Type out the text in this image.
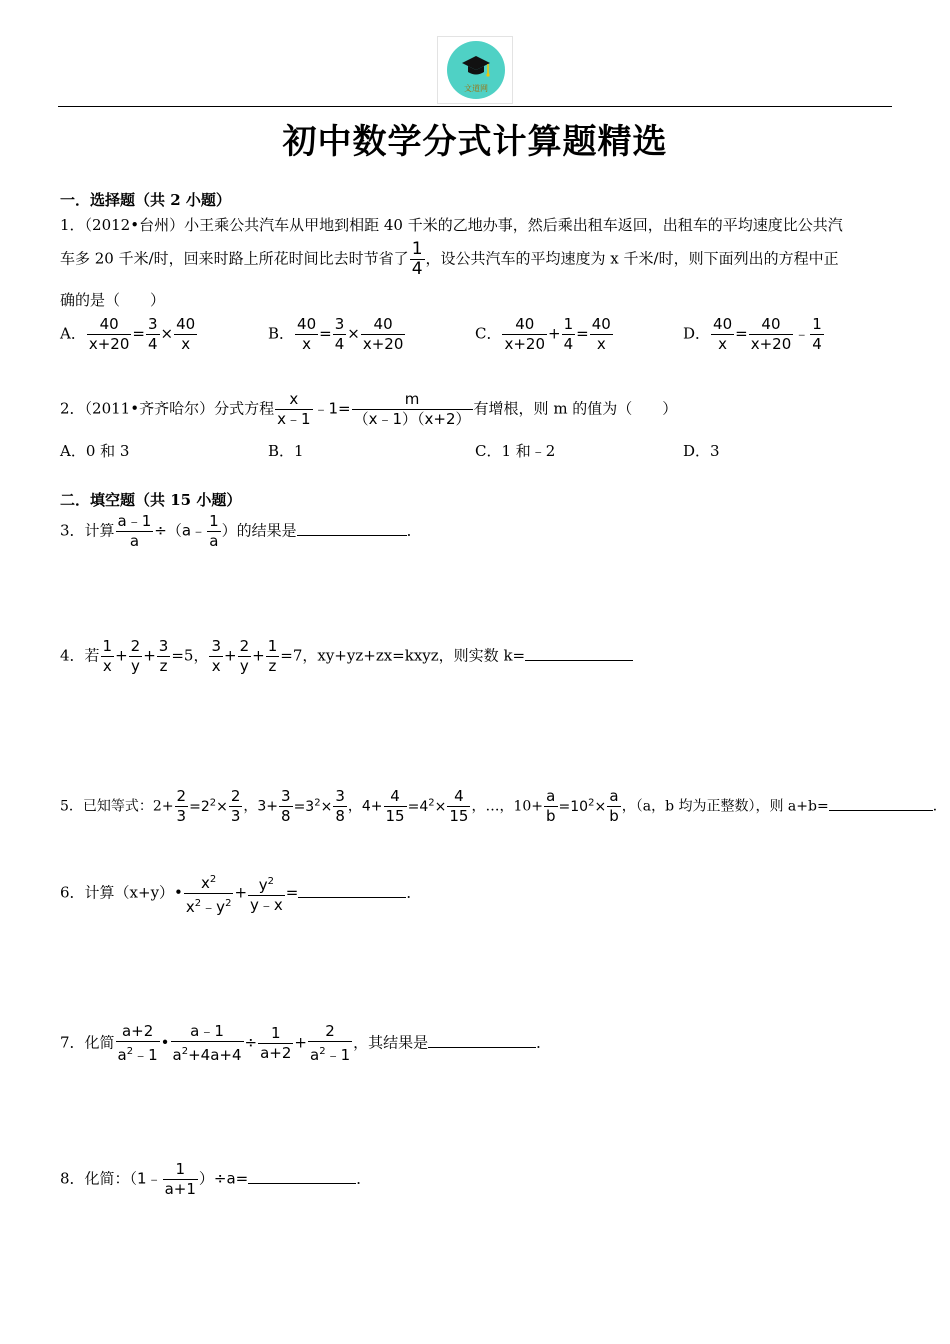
文道网
初中数学分式计算题精选
一．选择题（共 2 小题）
1．（2012•台州）小王乘公共汽车从甲地到相距 40 千米的乙地办事，然后乘出租车返回，出租车的平均速度比公共汽
车多 20 千米/时，回来时路上所花时间比去时节省了 $\frac{1}{4}$ ，设公共汽车的平均速度为 x 千米/时，则下面列出的方程中正
确的是（　　）
A． $\frac{40}{x+20} = \frac{3}{4} \times \frac{40}{x}$	B． $\frac{40}{x} = \frac{3}{4} \times \frac{40}{x+20}$	C． $\frac{40}{x+20} + \frac{1}{4} = \frac{40}{x}$	D． $\frac{40}{x} = \frac{40}{x+20}$ ﹣ $\frac{1}{4}$
2．（2011•齐齐哈尔）分式方程 $\frac{x}{x﹣1}$ ﹣1= $\frac{m}{(x﹣1)(x+2)}$ 有增根，则 m 的值为（　　）
A．0 和 3	B．1	C．1 和﹣2	D．3
二．填空题（共 15 小题）
3．计算 $\frac{a﹣1}{a}$ ÷（a﹣ $\frac{1}{a}$ ）的结果是	．
4．若 $\frac{1}{x} + \frac{2}{y} + \frac{3}{z} =5$， $\frac{3}{x} + \frac{2}{y} + \frac{1}{z} =7$，xy+yz+zx=kxyz，则实数 k=
5．已知等式：$2+ \frac{2}{3} =2^2\times \frac{2}{3}$ ，$3+ \frac{3}{8} =3^2\times \frac{3}{8}$ ，$4+ \frac{4}{15} =4^2\times \frac{4}{15}$ ，…，$10+ \frac{a}{b} =10^2\times \frac{a}{b}$ ，（a，b 均为正整数），则 a+b=	．
6．计算（x+y）• $\frac{x^2}{x^2﹣y^2} + \frac{y^2}{y﹣x}$ =	．
7．化简 $\frac{a+2}{a^2﹣1}$ • $\frac{a﹣1}{a^2+4a+4} \div \frac{1}{a+2} + \frac{2}{a^2﹣1}$ ，其结果是	．
8．化简：（1﹣ $\frac{1}{a+1} )\div a=$	．
